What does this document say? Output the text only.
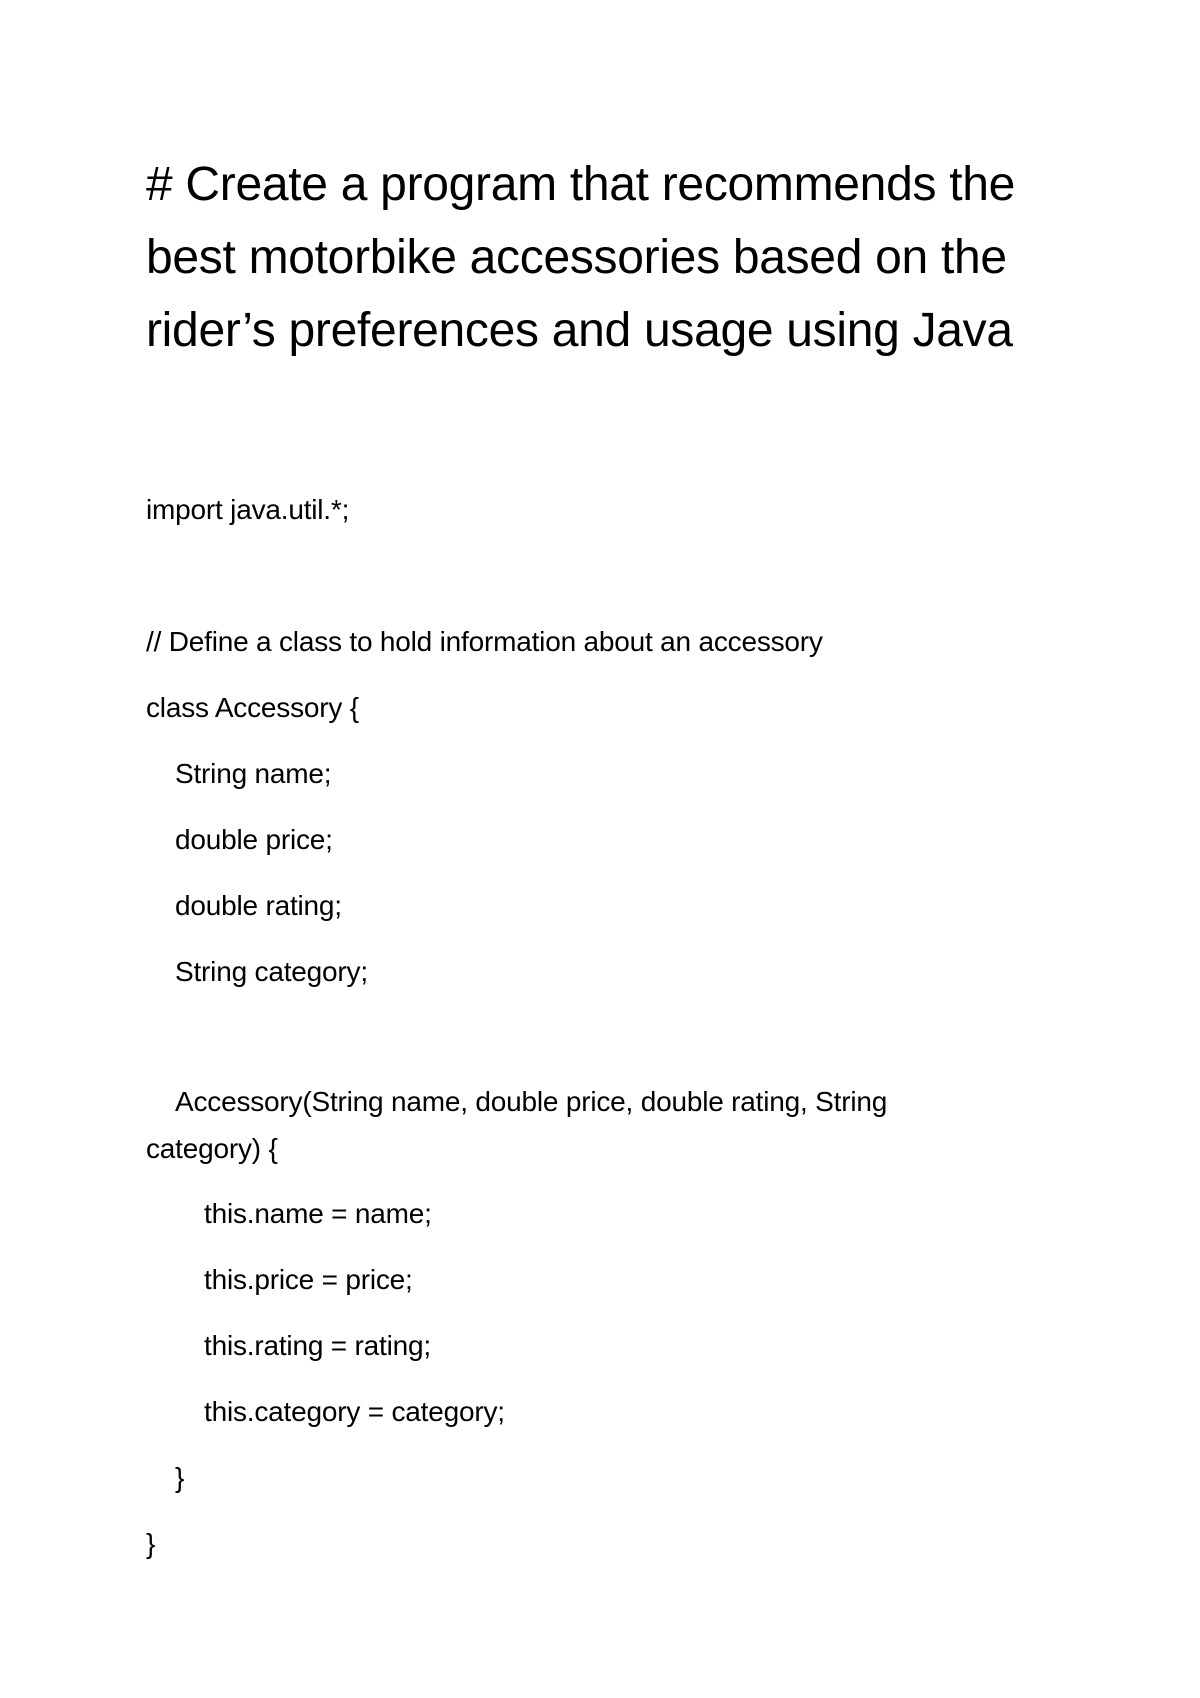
# Create a program that recommends the best motorbike accessories based on the rider’s preferences and usage using Java
import java.util.*;
// Define a class to hold information about an accessory
class Accessory {
String name;
double price;
double rating;
String category;
Accessory(String name, double price, double rating, String category) {
this.name = name;
this.price = price;
this.rating = rating;
this.category = category;
}
}
